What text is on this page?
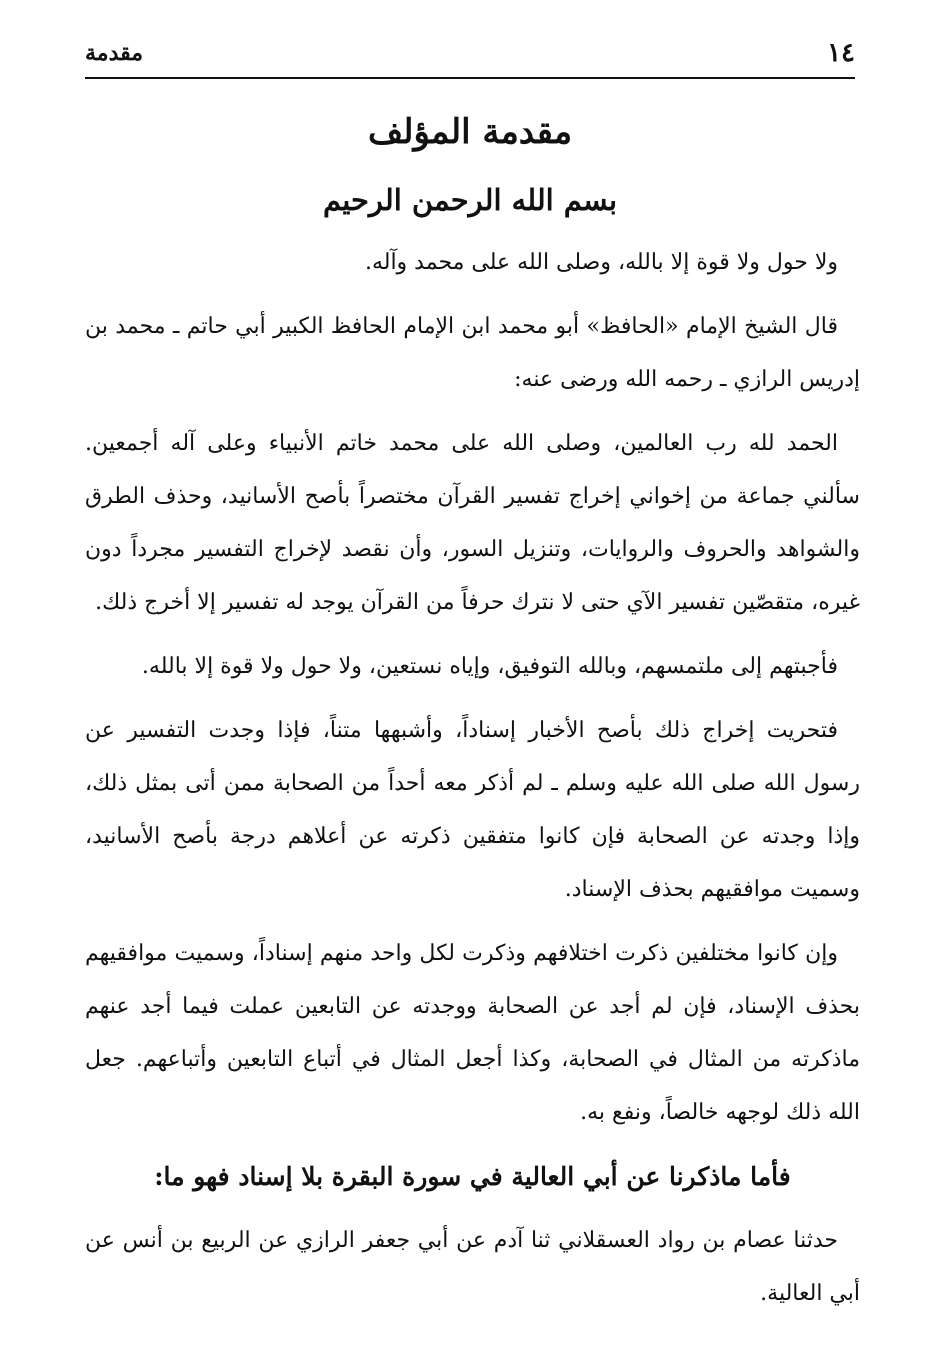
١٤
مقدمة
مقدمة المؤلف
بسم الله الرحمن الرحيم

ولا حول ولا قوة إلا بالله، وصلى الله على محمد وآله.

قال الشيخ الإمام «الحافظ» أبو محمد ابن الإمام الحافظ الكبير أبي حاتم ـ محمد بن إدريس الرازي ـ رحمه الله ورضى عنه:

الحمد لله رب العالمين، وصلى الله على محمد خاتم الأنبياء وعلى آله أجمعين. سألني جماعة من إخواني إخراج تفسير القرآن مختصراً بأصح الأسانيد، وحذف الطرق والشواهد والحروف والروايات، وتنزيل السور، وأن نقصد لإخراج التفسير مجرداً دون غيره، متقصّين تفسير الآي حتى لا نترك حرفاً من القرآن يوجد له تفسير إلا أخرج ذلك.

فأجبتهم إلى ملتمسهم، وبالله التوفيق، وإياه نستعين، ولا حول ولا قوة إلا بالله.

فتحريت إخراج ذلك بأصح الأخبار إسناداً، وأشبهها متناً، فإذا وجدت التفسير عن رسول الله صلى الله عليه وسلم ـ لم أذكر معه أحداً من الصحابة ممن أتى بمثل ذلك، وإذا وجدته عن الصحابة فإن كانوا متفقين ذكرته عن أعلاهم درجة بأصح الأسانيد، وسميت موافقيهم بحذف الإسناد.

وإن كانوا مختلفين ذكرت اختلافهم وذكرت لكل واحد منهم إسناداً، وسميت موافقيهم بحذف الإسناد، فإن لم أجد عن الصحابة ووجدته عن التابعين عملت فيما أجد عنهم ماذكرته من المثال في الصحابة، وكذا أجعل المثال في أتباع التابعين وأتباعهم. جعل الله ذلك لوجهه خالصاً، ونفع به.

فأما ماذكرنا عن أبي العالية في سورة البقرة بلا إسناد فهو ما:

حدثنا عصام بن رواد العسقلاني ثنا آدم عن أبي جعفر الرازي عن الربيع بن أنس عن أبي العالية.
